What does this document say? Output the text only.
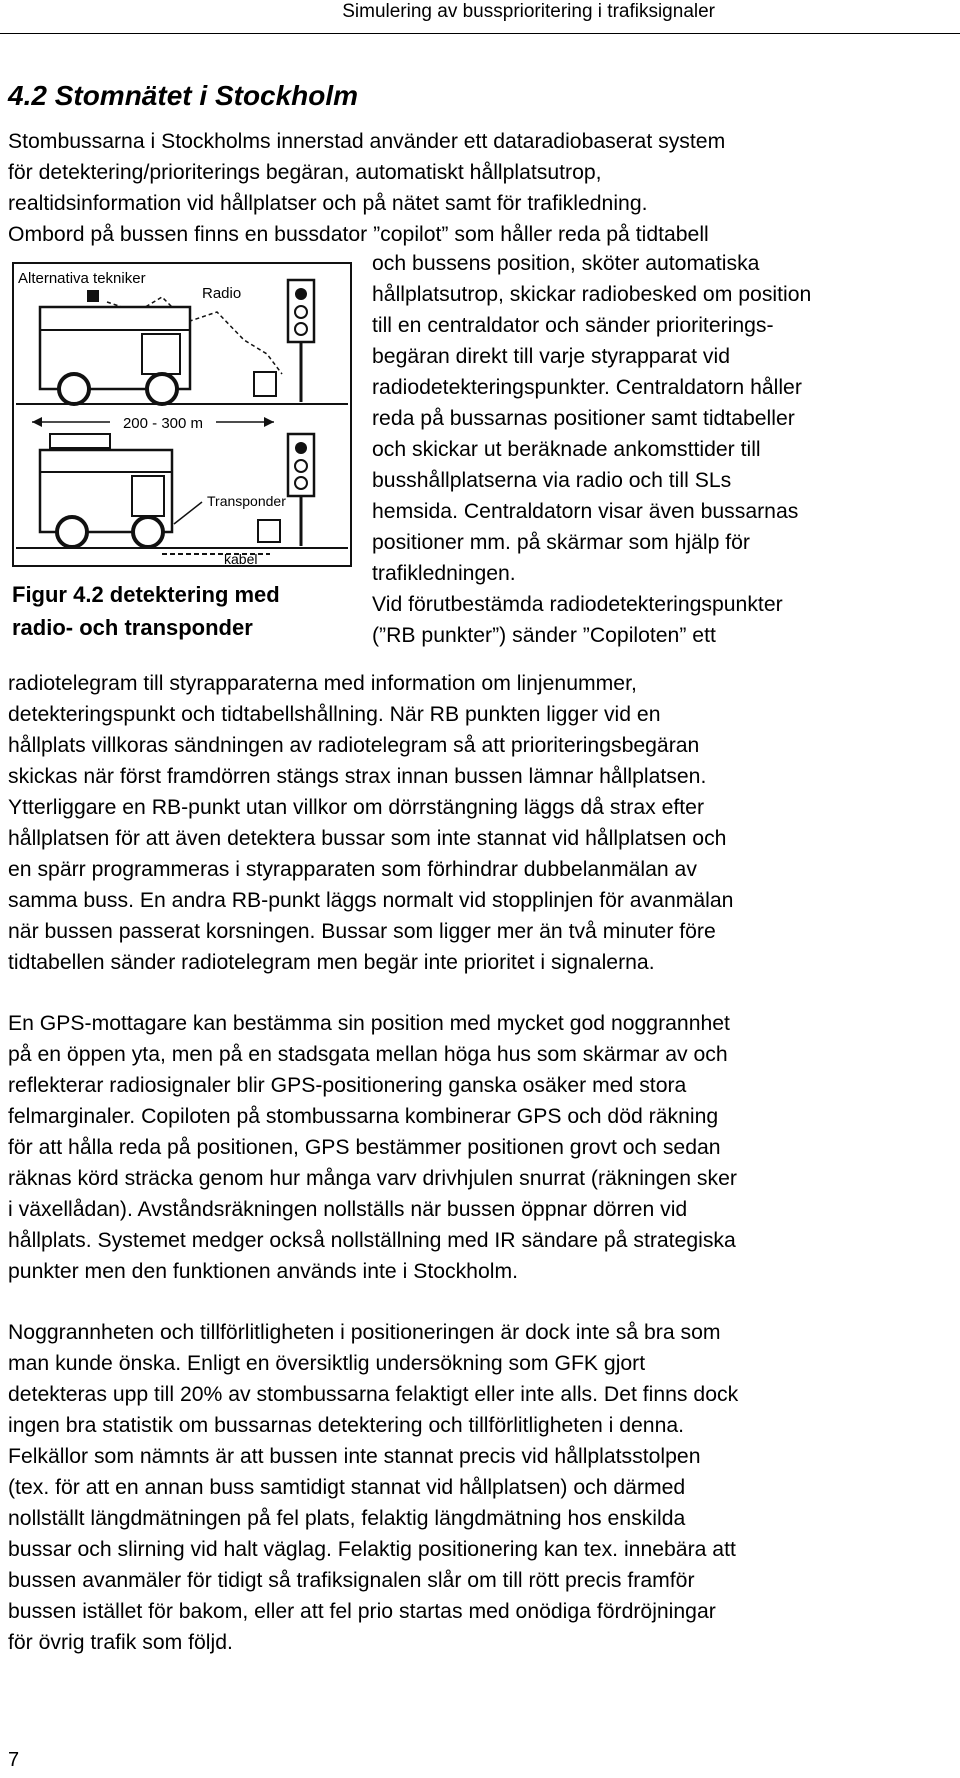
Simulering av bussprioritering i trafiksignaler
4.2 Stomnätet i Stockholm

Stombussarna i Stockholms innerstad använder ett dataradiobaserat system

för detektering/prioriterings begäran, automatiskt hållplatsutrop,

realtidsinformation vid hållplatser och på nätet samt för trafikledning.

Ombord på bussen finns en bussdator ”copilot” som håller reda på tidtabell

Alternativa tekniker
Radio
200 - 300 m
Transponder
kabel

och bussens position, sköter automatiska

hållplatsutrop, skickar radiobesked om position

till en centraldator och sänder prioriterings-

begäran direkt till varje styrapparat vid

radiodetekteringspunkter. Centraldatorn håller

reda på bussarnas positioner samt tidtabeller

och skickar ut beräknade ankomsttider till

busshållplatserna via radio och till SLs

hemsida. Centraldatorn visar även bussarnas

positioner mm. på skärmar som hjälp för

trafikledningen.

Vid förutbestämda radiodetekteringspunkter

(”RB punkter”) sänder ”Copiloten” ett

Figur 4.2 detektering med

radio- och transponder

radiotelegram till styrapparaterna med information om linjenummer,

detekteringspunkt och tidtabellshållning. När RB punkten ligger vid en

hållplats villkoras sändningen av radiotelegram så att prioriteringsbegäran

skickas när först framdörren stängs strax innan bussen lämnar hållplatsen.

Ytterliggare en RB-punkt utan villkor om dörrstängning läggs då strax efter

hållplatsen för att även detektera bussar som inte stannat vid hållplatsen och

en spärr programmeras i styrapparaten som förhindrar dubbelanmälan av

samma buss. En andra RB-punkt läggs normalt vid stopplinjen för avanmälan

när bussen passerat korsningen. Bussar som ligger mer än två minuter före

tidtabellen sänder radiotelegram men begär inte prioritet i signalerna.

En GPS-mottagare kan bestämma sin position med mycket god noggrannhet

på en öppen yta, men på en stadsgata mellan höga hus som skärmar av och

reflekterar radiosignaler blir GPS-positionering ganska osäker med stora

felmarginaler. Copiloten på stombussarna kombinerar GPS och död räkning

för att hålla reda på positionen, GPS bestämmer positionen grovt och sedan

räknas körd sträcka genom hur många varv drivhjulen snurrat (räkningen sker

i växellådan). Avståndsräkningen nollställs när bussen öppnar dörren vid

hållplats. Systemet medger också nollställning med IR sändare på strategiska

punkter men den funktionen används inte i Stockholm.

Noggrannheten och tillförlitligheten i positioneringen är dock inte så bra som

man kunde önska. Enligt en översiktlig undersökning som GFK gjort

detekteras upp till 20% av stombussarna felaktigt eller inte alls. Det finns dock

ingen bra statistik om bussarnas detektering och tillförlitligheten i denna.

Felkällor som nämnts är att bussen inte stannat precis vid hållplatsstolpen

(tex. för att en annan buss samtidigt stannat vid hållplatsen) och därmed

nollställt längdmätningen på fel plats, felaktig längdmätning hos enskilda

bussar och slirning vid halt väglag. Felaktig positionering kan tex. innebära att

bussen avanmäler för tidigt så trafiksignalen slår om till rött precis framför

bussen istället för bakom, eller att fel prio startas med onödiga fördröjningar

för övrig trafik som följd.

7
